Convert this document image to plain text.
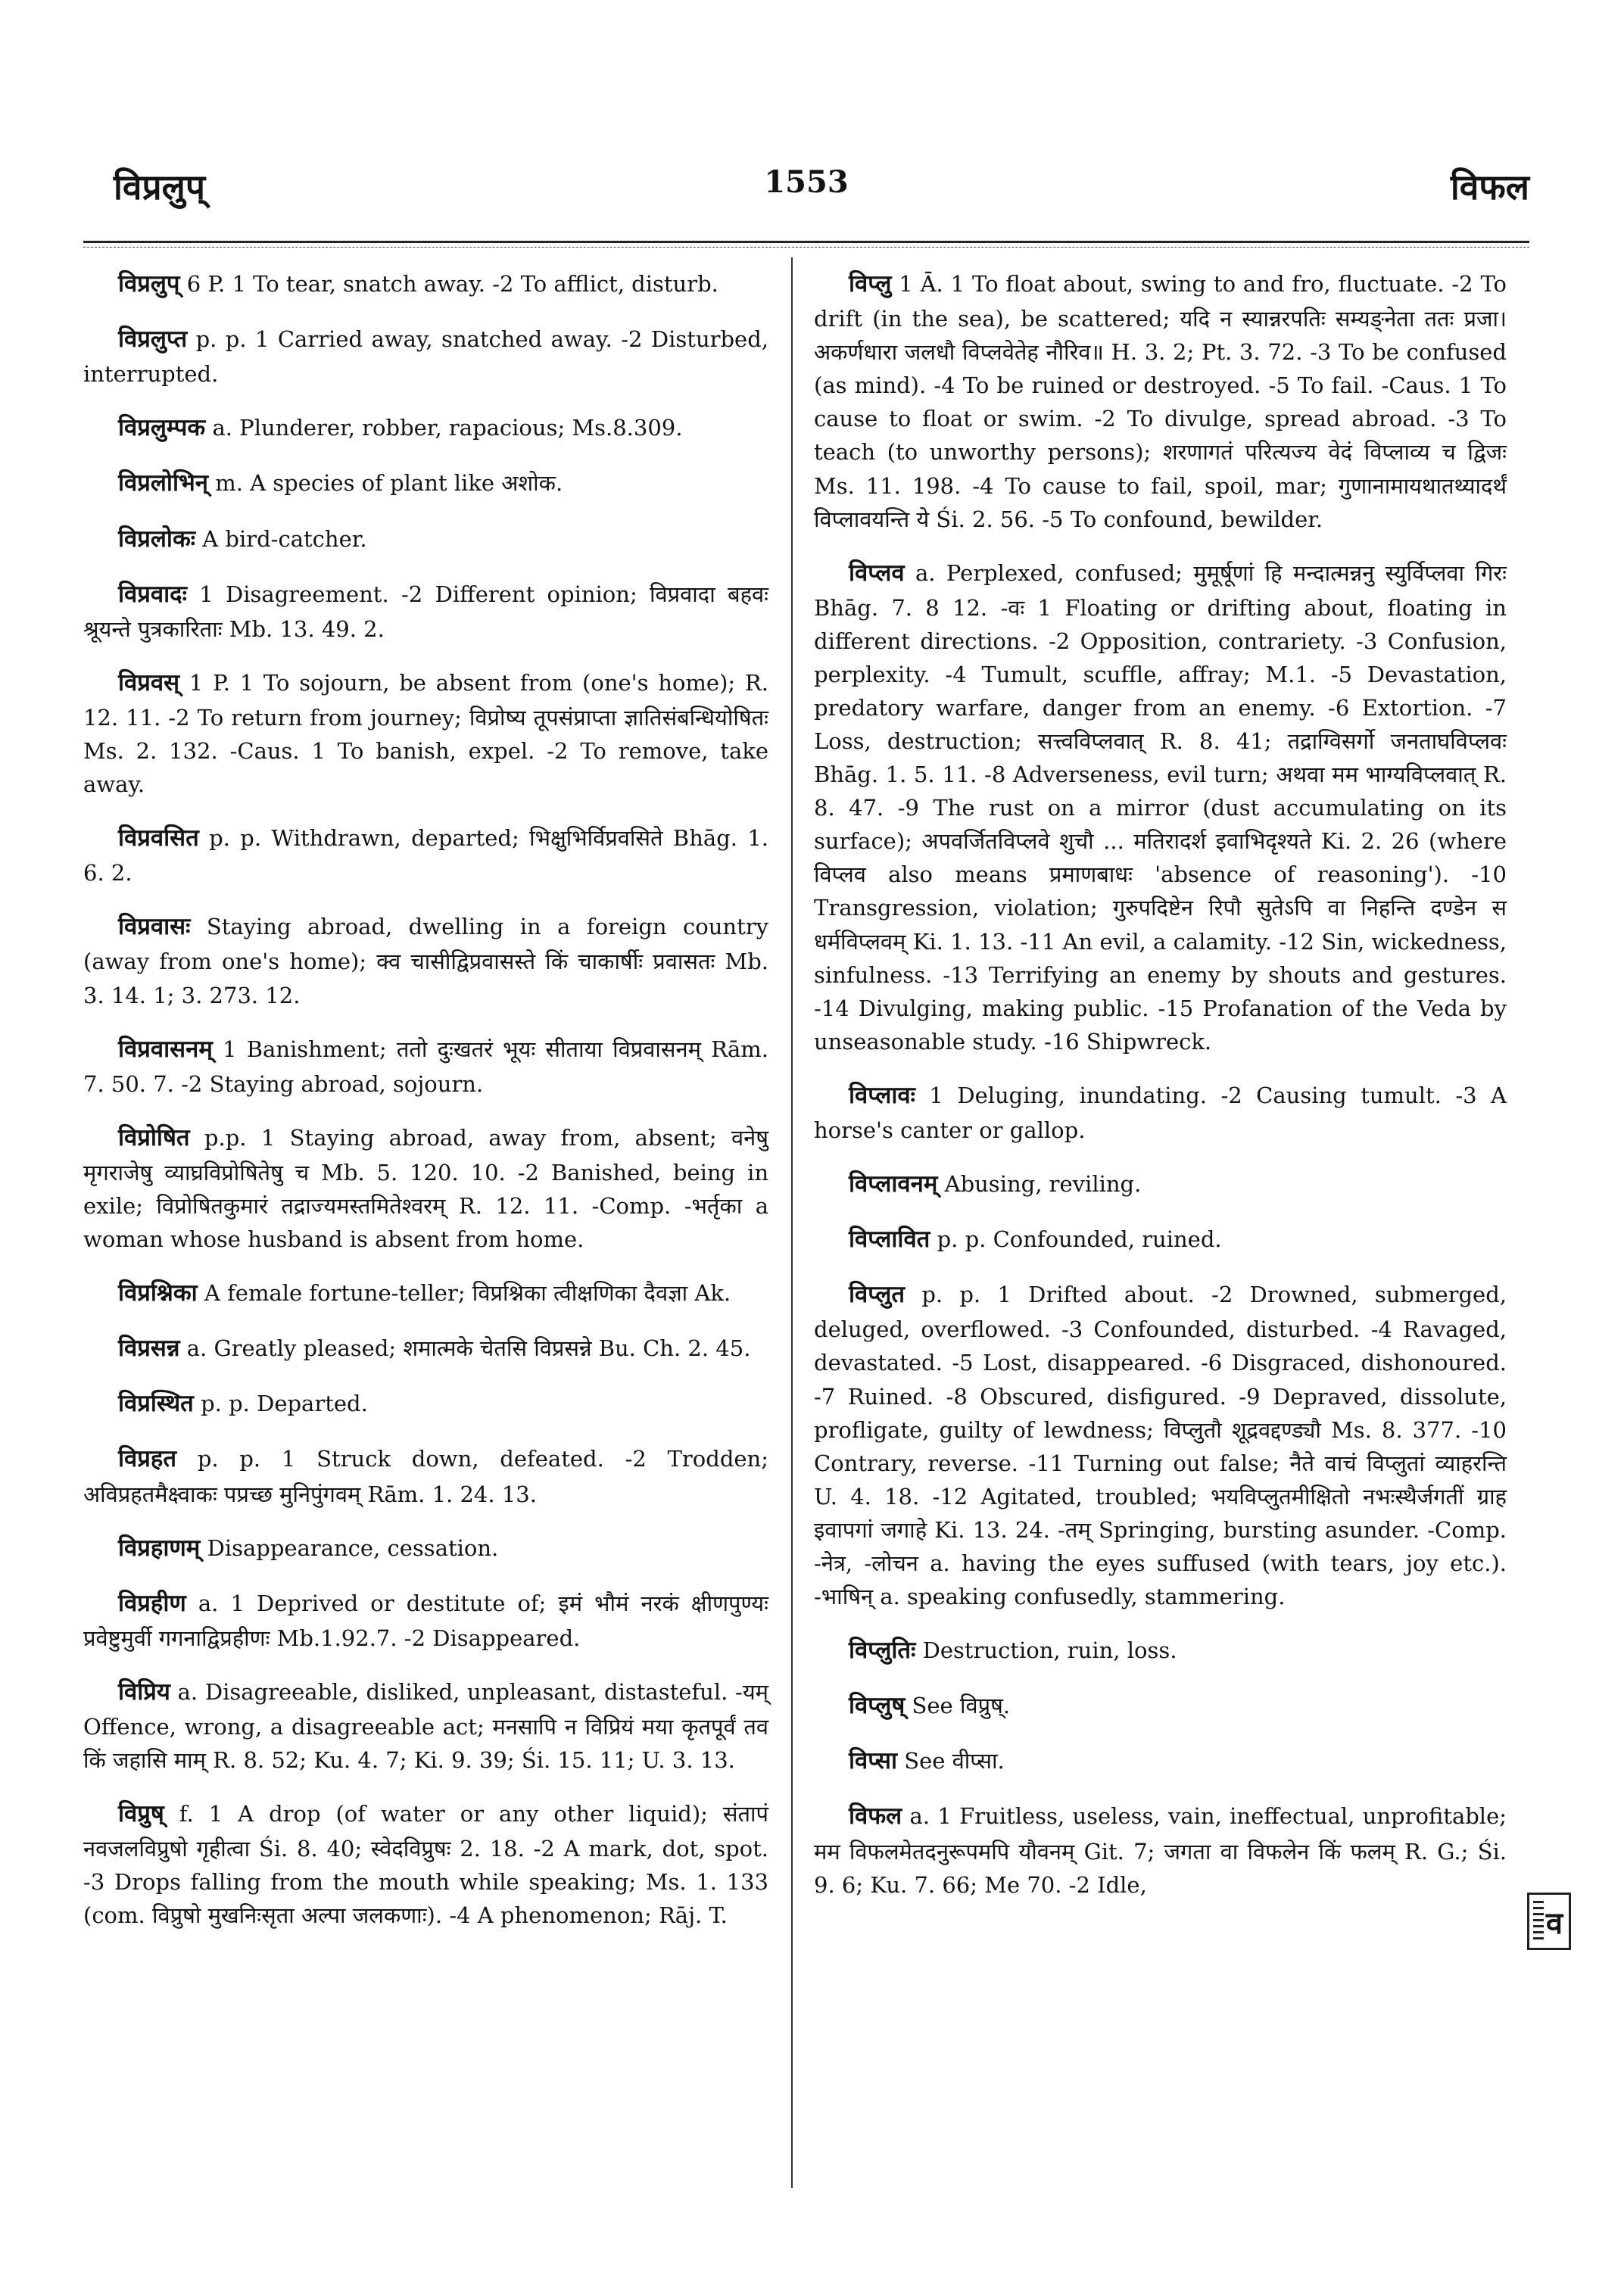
विप्रलुप्	1553	विफल

विप्रलुप् 6 P. 1 To tear, snatch away. -2 To afflict, disturb.

विप्रलुप्त p. p. 1 Carried away, snatched away. -2 Disturbed, interrupted.

विप्रलुम्पक a. Plunderer, robber, rapacious; Ms.8.309.

विप्रलोभिन् m. A species of plant like अशोक.

विप्रलोकः A bird-catcher.

विप्रवादः 1 Disagreement. -2 Different opinion; विप्रवादा बहवः श्रूयन्ते पुत्रकारिताः Mb. 13. 49. 2.

विप्रवस् 1 P. 1 To sojourn, be absent from (one's home); R. 12. 11. -2 To return from journey; विप्रोष्य तूपसंप्राप्ता ज्ञातिसंबन्धियोषितः Ms. 2. 132. -Caus. 1 To banish, expel. -2 To remove, take away.

विप्रवसित p. p. Withdrawn, departed; भिक्षुभिर्विप्रवसिते Bhāg. 1. 6. 2.

विप्रवासः Staying abroad, dwelling in a foreign country (away from one's home); क्व चासीद्विप्रवासस्ते किं चाकार्षीः प्रवासतः Mb. 3. 14. 1; 3. 273. 12.

विप्रवासनम् 1 Banishment; ततो दुःखतरं भूयः सीताया विप्रवासनम् Rām. 7. 50. 7. -2 Staying abroad, sojourn.

विप्रोषित p.p. 1 Staying abroad, away from, absent; वनेषु मृगराजेषु व्याघ्रविप्रोषितेषु च Mb. 5. 120. 10. -2 Banished, being in exile; विप्रोषितकुमारं तद्राज्यमस्तमितेश्वरम् R. 12. 11. -Comp. -भर्तृका a woman whose husband is absent from home.

विप्रश्निका A female fortune-teller; विप्रश्निका त्वीक्षणिका दैवज्ञा Ak.

विप्रसन्न a. Greatly pleased; शमात्मके चेतसि विप्रसन्ने Bu. Ch. 2. 45.

विप्रस्थित p. p. Departed.

विप्रहत p. p. 1 Struck down, defeated. -2 Trodden; अविप्रहतमैक्ष्वाकः पप्रच्छ मुनिपुंगवम् Rām. 1. 24. 13.

विप्रहाणम् Disappearance, cessation.

विप्रहीण a. 1 Deprived or destitute of; इमं भौमं नरकं क्षीणपुण्यः प्रवेष्टुमुर्वी गगनाद्विप्रहीणः Mb.1.92.7. -2 Disappeared.

विप्रिय a. Disagreeable, disliked, unpleasant, distasteful. -यम् Offence, wrong, a disagreeable act; मनसापि न विप्रियं मया कृतपूर्वं तव किं जहासि माम् R. 8. 52; Ku. 4. 7; Ki. 9. 39; Śi. 15. 11; U. 3. 13.

विप्रुष् f. 1 A drop (of water or any other liquid); संतापं नवजलविप्रुषो गृहीत्वा Śi. 8. 40; स्वेदविप्रुषः 2. 18. -2 A mark, dot, spot. -3 Drops falling from the mouth while speaking; Ms. 1. 133 (com. विप्रुषो मुखनिःसृता अल्पा जलकणाः). -4 A phenomenon; Rāj. T.

विप्लु 1 Ā. 1 To float about, swing to and fro, fluctuate. -2 To drift (in the sea), be scattered; यदि न स्यान्नरपतिः सम्यङ्नेता ततः प्रजा। अकर्णधारा जलधौ विप्लवेतेह नौरिव॥ H. 3. 2; Pt. 3. 72. -3 To be confused (as mind). -4 To be ruined or destroyed. -5 To fail. -Caus. 1 To cause to float or swim. -2 To divulge, spread abroad. -3 To teach (to unworthy persons); शरणागतं परित्यज्य वेदं विप्लाव्य च द्विजः Ms. 11. 198. -4 To cause to fail, spoil, mar; गुणानामायथातथ्यादर्थं विप्लावयन्ति ये Śi. 2. 56. -5 To confound, bewilder.

विप्लव a. Perplexed, confused; मुमूर्षूणां हि मन्दात्मन्ननु स्युर्विप्लवा गिरः Bhāg. 7. 8 12. -वः 1 Floating or drifting about, floating in different directions. -2 Opposition, contrariety. -3 Confusion, perplexity. -4 Tumult, scuffle, affray; M.1. -5 Devastation, predatory warfare, danger from an enemy. -6 Extortion. -7 Loss, destruction; सत्त्वविप्लवात् R. 8. 41; तद्राग्विसर्गो जनताघविप्लवः Bhāg. 1. 5. 11. -8 Adverseness, evil turn; अथवा मम भाग्यविप्लवात् R. 8. 47. -9 The rust on a mirror (dust accumulating on its surface); अपवर्जितविप्लवे शुचौ ... मतिरादर्श इवाभिदृश्यते Ki. 2. 26 (where विप्लव also means प्रमाणबाधः 'absence of reasoning'). -10 Transgression, violation; गुरुपदिष्टेन रिपौ सुतेऽपि वा निहन्ति दण्डेन स धर्मविप्लवम् Ki. 1. 13. -11 An evil, a calamity. -12 Sin, wickedness, sinfulness. -13 Terrifying an enemy by shouts and gestures. -14 Divulging, making public. -15 Profanation of the Veda by unseasonable study. -16 Shipwreck.

विप्लावः 1 Deluging, inundating. -2 Causing tumult. -3 A horse's canter or gallop.

विप्लावनम् Abusing, reviling.

विप्लावित p. p. Confounded, ruined.

विप्लुत p. p. 1 Drifted about. -2 Drowned, submerged, deluged, overflowed. -3 Confounded, disturbed. -4 Ravaged, devastated. -5 Lost, disappeared. -6 Disgraced, dishonoured. -7 Ruined. -8 Obscured, disfigured. -9 Depraved, dissolute, profligate, guilty of lewdness; विप्लुतौ शूद्रवद्दण्ड्यौ Ms. 8. 377. -10 Contrary, reverse. -11 Turning out false; नैते वाचं विप्लुतां व्याहरन्ति U. 4. 18. -12 Agitated, troubled; भयविप्लुतमीक्षितो नभःस्थैर्जगतीं ग्राह इवापगां जगाहे Ki. 13. 24. -तम् Springing, bursting asunder. -Comp. -नेत्र, -लोचन a. having the eyes suffused (with tears, joy etc.). -भाषिन् a. speaking confusedly, stammering.

विप्लुतिः Destruction, ruin, loss.

विप्लुष् See विप्रुष्.

विप्सा See वीप्सा.

विफल a. 1 Fruitless, useless, vain, ineffectual, unprofitable; मम विफलमेतदनुरूपमपि यौवनम् Git. 7; जगता वा विफलेन किं फलम् R. G.; Śi. 9. 6; Ku. 7. 66; Me 70. -2 Idle,

व
